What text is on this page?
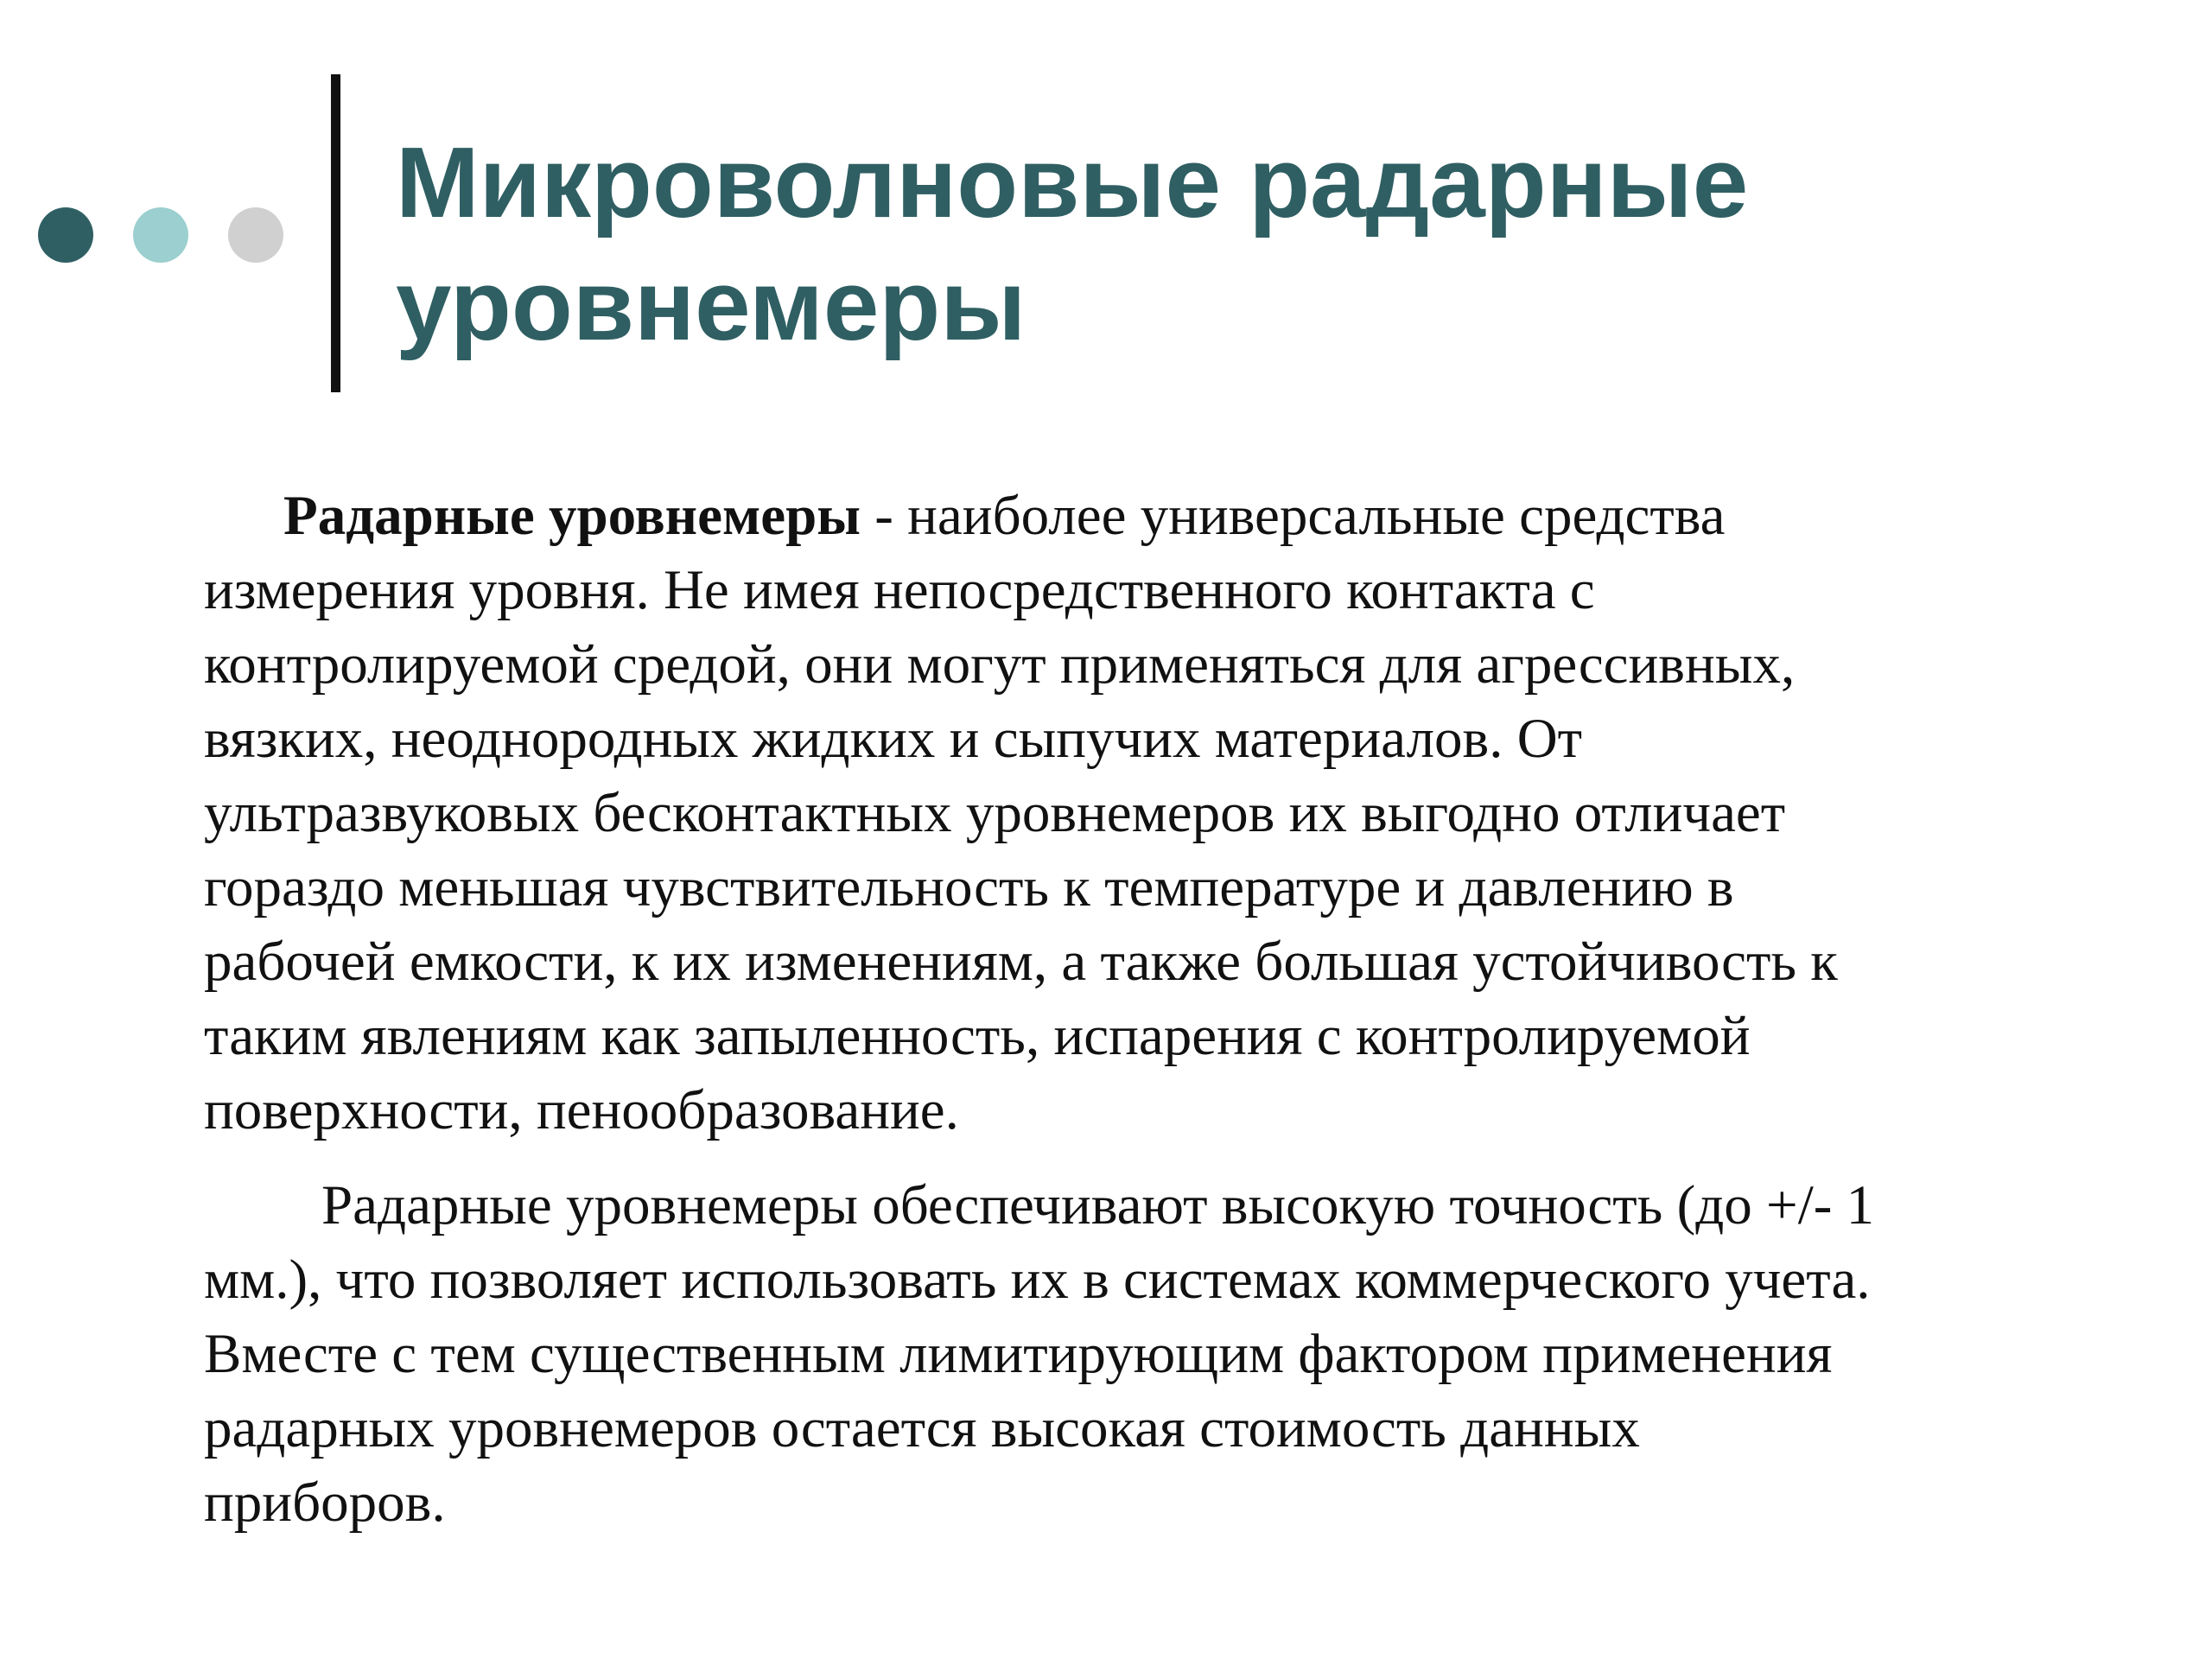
Микроволновые радарные
уровнемеры
Радарные уровнемеры - наиболее универсальные средства
измерения уровня. Не имея непосредственного контакта с
контролируемой средой, они могут применяться для агрессивных,
вязких, неоднородных жидких и сыпучих материалов. От
ультразвуковых бесконтактных уровнемеров их выгодно отличает
гораздо меньшая чувствительность к температуре и давлению в
рабочей емкости, к их изменениям, а также большая устойчивость к
таким явлениям как запыленность, испарения с контролируемой
поверхности, пенообразование.
Радарные уровнемеры обеспечивают высокую точность (до +/- 1
мм.), что позволяет использовать их в системах коммерческого учета.
Вместе с тем существенным лимитирующим фактором применения
радарных уровнемеров остается высокая стоимость данных
приборов.
